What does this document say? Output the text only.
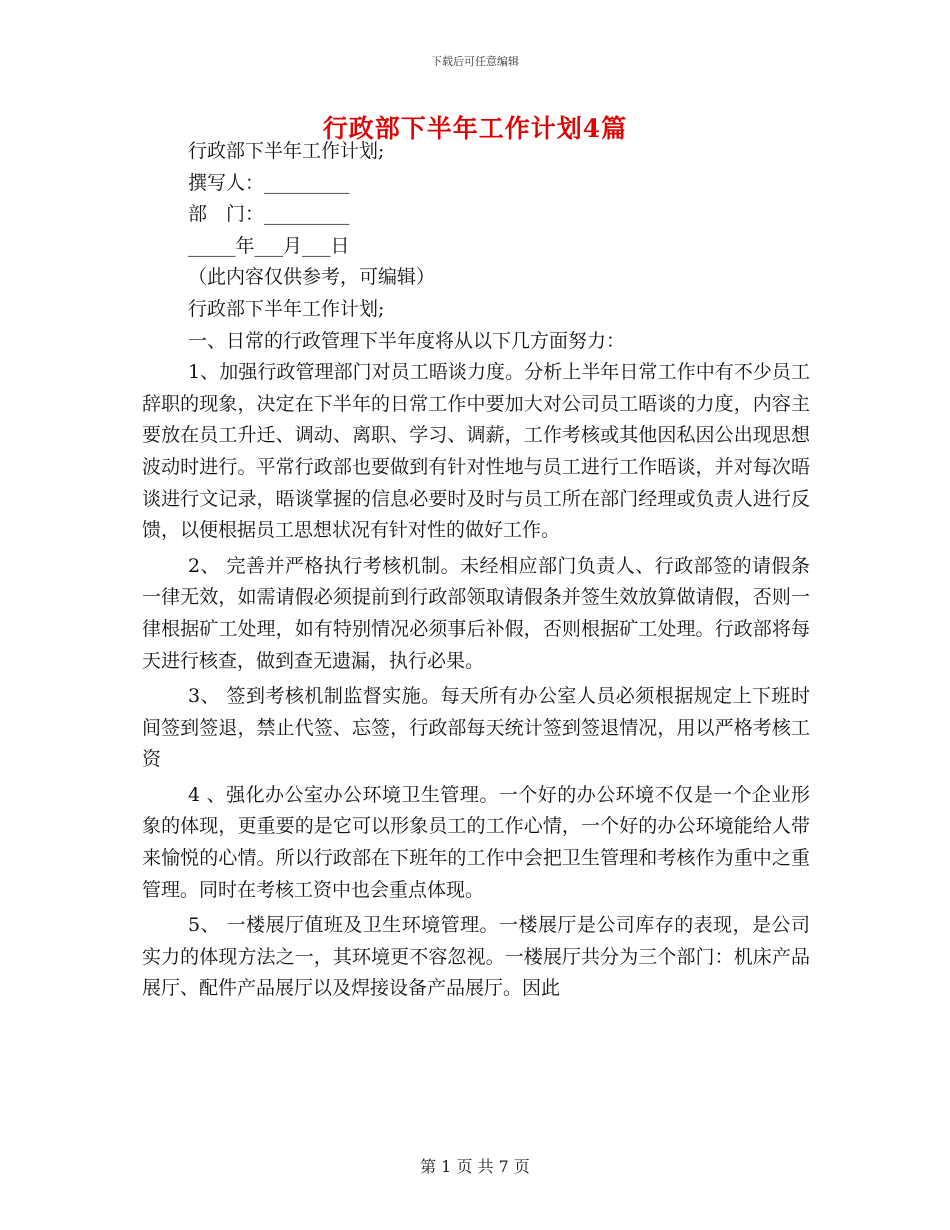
下载后可任意编辑
行政部下半年工作计划4篇

行政部下半年工作计划;

撰写人：_________

部　门：_________

_____年___月___日

（此内容仅供参考，可编辑）

行政部下半年工作计划;

一、日常的行政管理下半年度将从以下几方面努力：

1、加强行政管理部门对员工晤谈力度。分析上半年日常工作中有不少员工辞职的现象，决定在下半年的日常工作中要加大对公司员工晤谈的力度，内容主要放在员工升迁、调动、离职、学习、调薪，工作考核或其他因私因公出现思想波动时进行。平常行政部也要做到有针对性地与员工进行工作晤谈，并对每次晤谈进行文记录，晤谈掌握的信息必要时及时与员工所在部门经理或负责人进行反馈，以便根据员工思想状况有针对性的做好工作。

2、 完善并严格执行考核机制。未经相应部门负责人、行政部签的请假条一律无效，如需请假必须提前到行政部领取请假条并签生效放算做请假，否则一律根据矿工处理，如有特别情况必须事后补假，否则根据矿工处理。行政部将每天进行核查，做到查无遗漏，执行必果。

3、 签到考核机制监督实施。每天所有办公室人员必须根据规定上下班时间签到签退，禁止代签、忘签，行政部每天统计签到签退情况，用以严格考核工资

4 、强化办公室办公环境卫生管理。一个好的办公环境不仅是一个企业形象的体现，更重要的是它可以形象员工的工作心情，一个好的办公环境能给人带来愉悦的心情。所以行政部在下班年的工作中会把卫生管理和考核作为重中之重管理。同时在考核工资中也会重点体现。

5、 一楼展厅值班及卫生环境管理。一楼展厅是公司库存的表现，是公司实力的体现方法之一，其环境更不容忽视。一楼展厅共分为三个部门：机床产品展厅、配件产品展厅以及焊接设备产品展厅。因此

第 1 页 共 7 页
